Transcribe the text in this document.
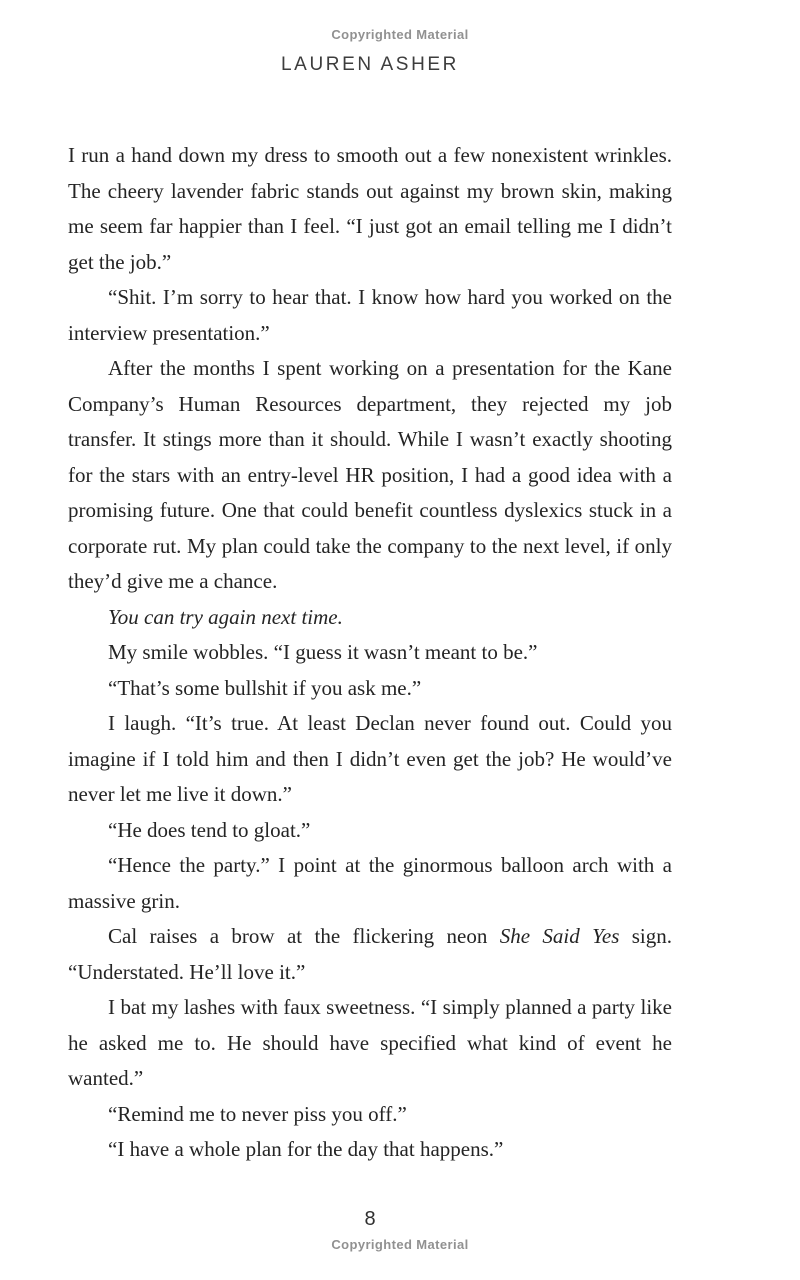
Copyrighted Material
LAUREN ASHER

I run a hand down my dress to smooth out a few nonexistent wrinkles. The cheery lavender fabric stands out against my brown skin, making me seem far happier than I feel. “I just got an email telling me I didn’t get the job.”

“Shit. I’m sorry to hear that. I know how hard you worked on the interview presentation.”

After the months I spent working on a presentation for the Kane Company’s Human Resources department, they rejected my job transfer. It stings more than it should. While I wasn’t exactly shooting for the stars with an entry-level HR position, I had a good idea with a promising future. One that could benefit countless dyslexics stuck in a corporate rut. My plan could take the company to the next level, if only they’d give me a chance.

You can try again next time.

My smile wobbles. “I guess it wasn’t meant to be.”

“That’s some bullshit if you ask me.”

I laugh. “It’s true. At least Declan never found out. Could you imagine if I told him and then I didn’t even get the job? He would’ve never let me live it down.”

“He does tend to gloat.”

“Hence the party.” I point at the ginormous balloon arch with a massive grin.

Cal raises a brow at the flickering neon She Said Yes sign. “Understated. He’ll love it.”

I bat my lashes with faux sweetness. “I simply planned a party like he asked me to. He should have specified what kind of event he wanted.”

“Remind me to never piss you off.”

“I have a whole plan for the day that happens.”

8
Copyrighted Material
